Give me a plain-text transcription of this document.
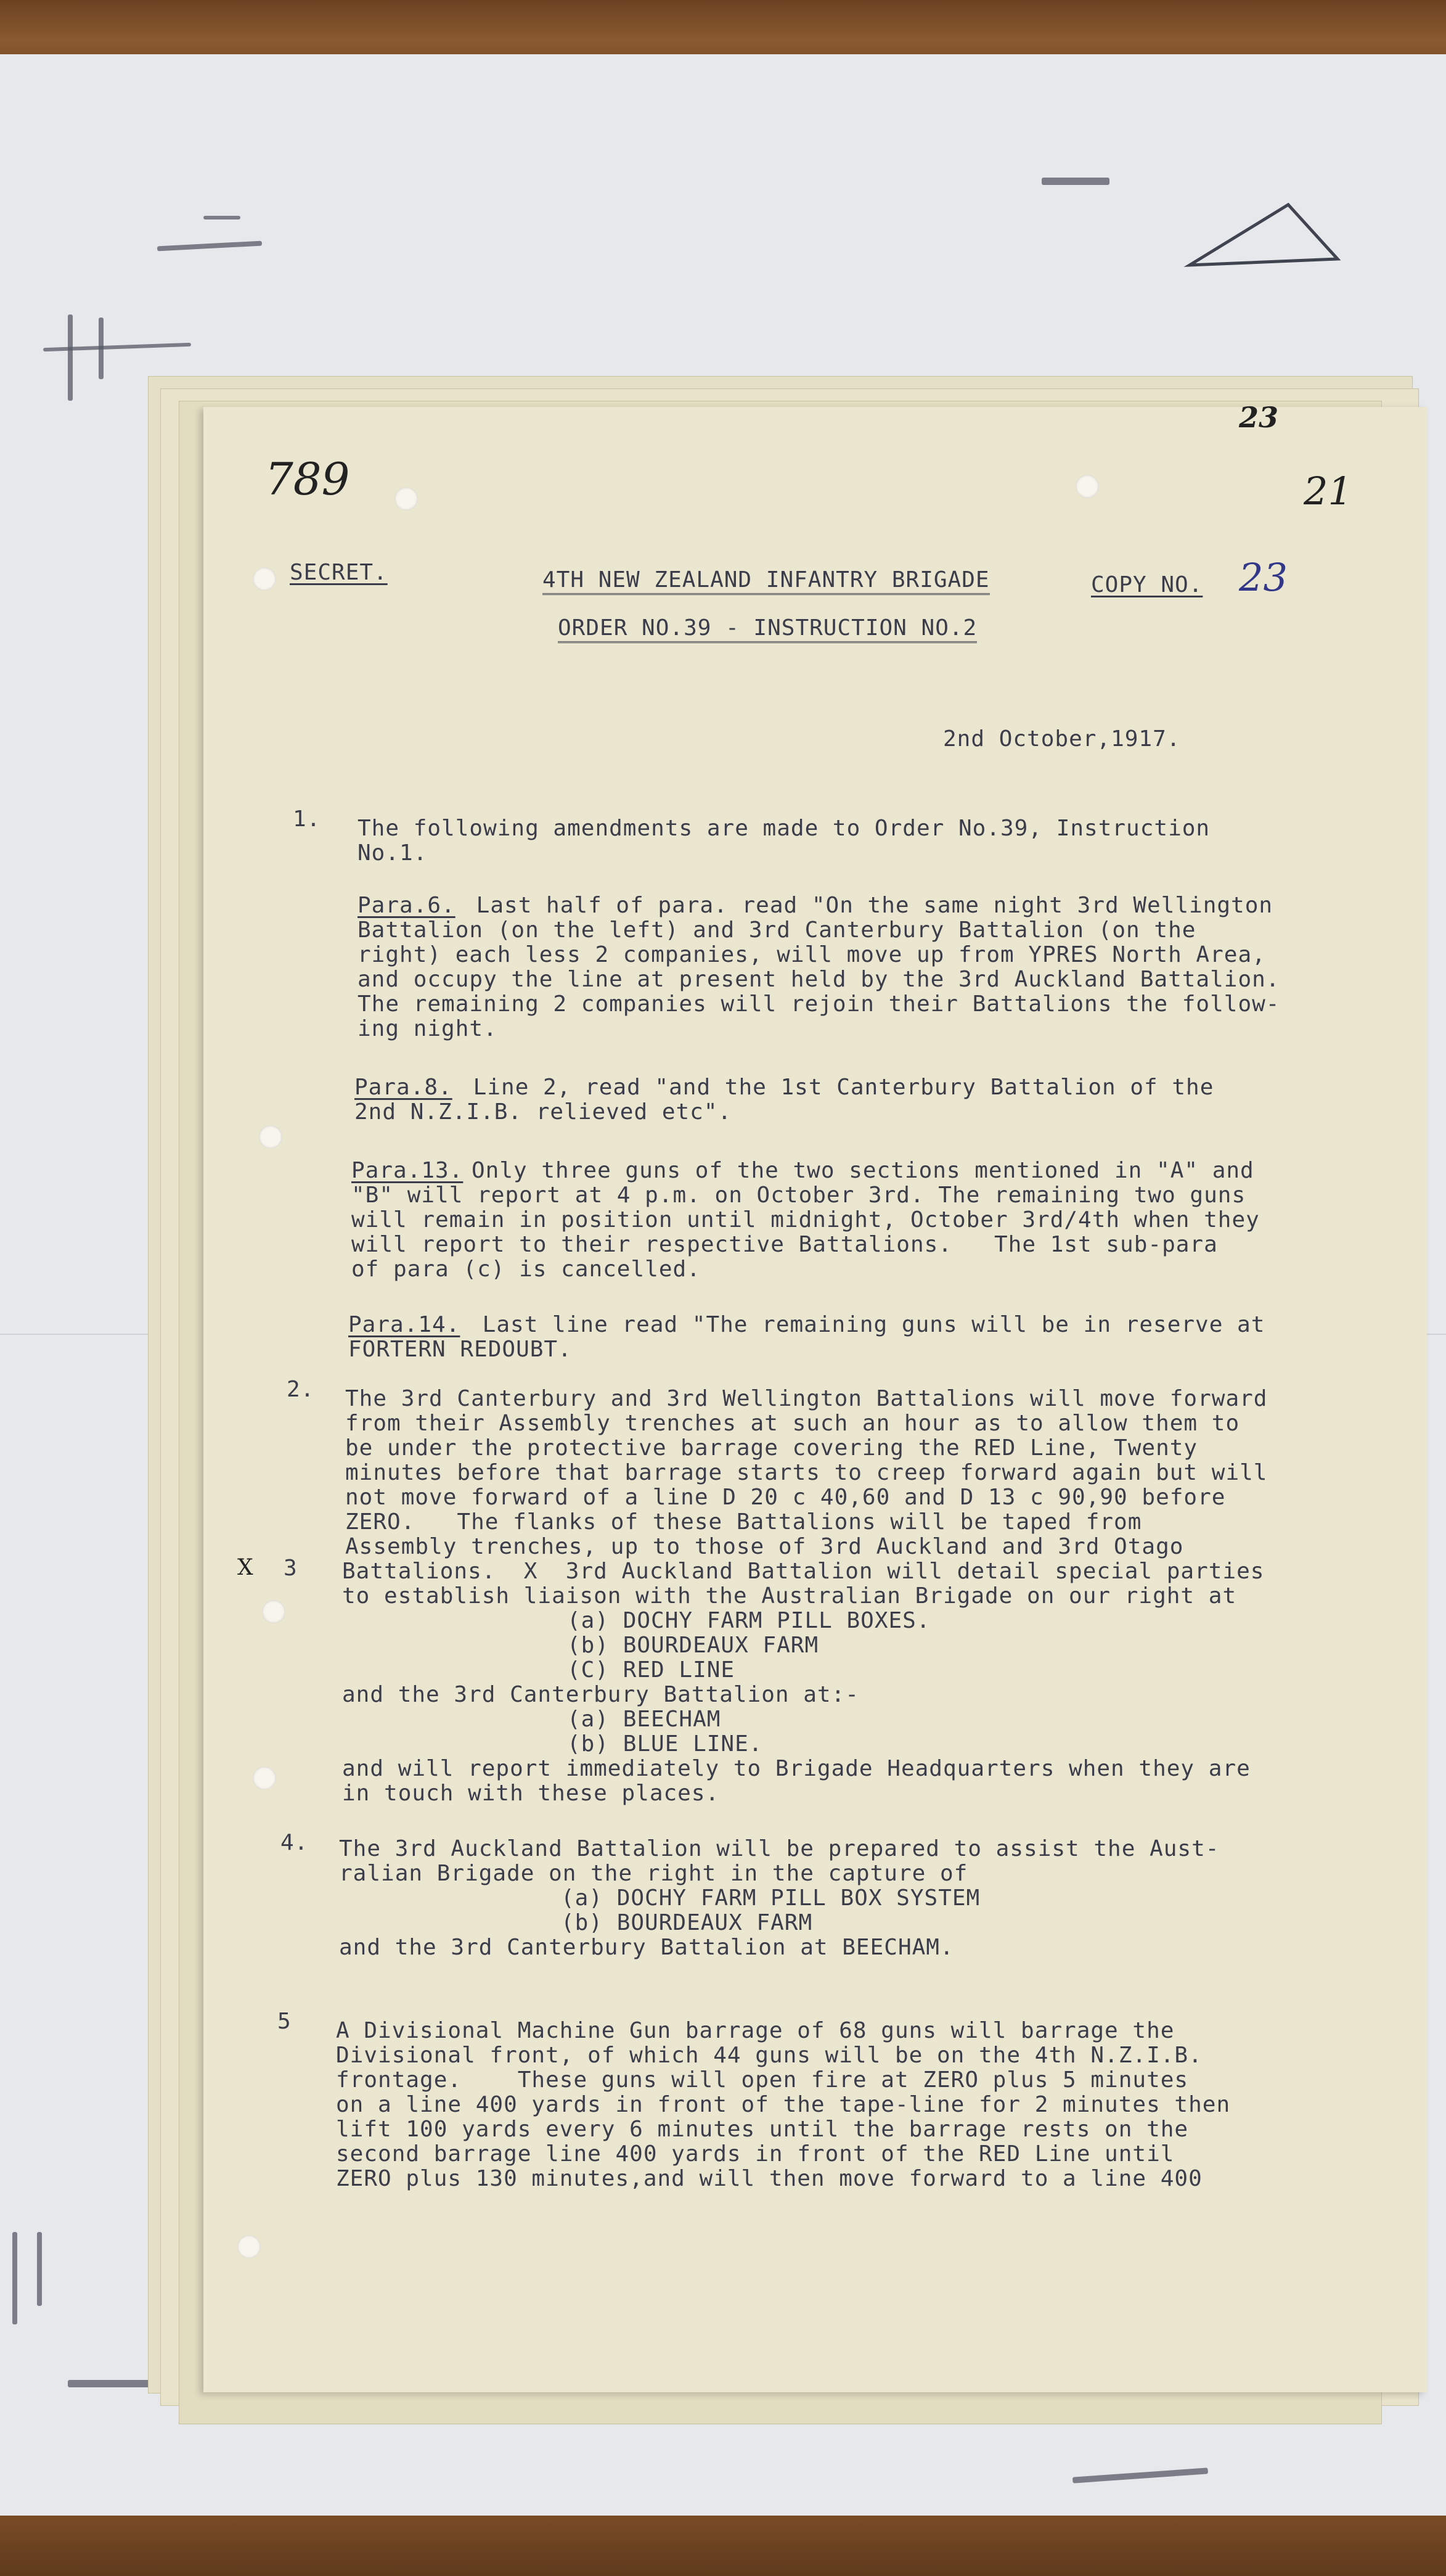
789	21
23
23
SECRET.	4TH NEW ZEALAND INFANTRY BRIGADE	COPY NO.
ORDER NO.39 - INSTRUCTION NO.2
2nd October,1917.
1. The following amendments are made to Order No.39, Instruction
No.1.
Para.6. Last half of para. read "On the same night 3rd Wellington
Battalion (on the left) and 3rd Canterbury Battalion (on the
right) each less 2 companies, will move up from YPRES North Area,
and occupy the line at present held by the 3rd Auckland Battalion.
The remaining 2 companies will rejoin their Battalions the follow-
ing night.
Para.8. Line 2, read "and the 1st Canterbury Battalion of the
2nd N.Z.I.B. relieved etc".
Para.13. Only three guns of the two sections mentioned in "A" and
"B" will report at 4 p.m. on October 3rd. The remaining two guns
will remain in position until midnight, October 3rd/4th when they
will report to their respective Battalions.   The 1st sub-para
of para (c) is cancelled.
Para.14. Last line read "The remaining guns will be in reserve at
FORTERN REDOUBT.
2. The 3rd Canterbury and 3rd Wellington Battalions will move forward
from their Assembly trenches at such an hour as to allow them to
be under the protective barrage covering the RED Line, Twenty
minutes before that barrage starts to creep forward again but will
not move forward of a line D 20 c 40,60 and D 13 c 90,90 before
ZERO.   The flanks of these Battalions will be taped from
Assembly trenches, up to those of 3rd Auckland and 3rd Otago
X 3 Battalions.  X  3rd Auckland Battalion will detail special parties
to establish liaison with the Australian Brigade on our right at
(a) DOCHY FARM PILL BOXES.
(b) BOURDEAUX FARM
(C) RED LINE
and the 3rd Canterbury Battalion at:-
(a) BEECHAM
(b) BLUE LINE.
and will report immediately to Brigade Headquarters when they are
in touch with these places.
4. The 3rd Auckland Battalion will be prepared to assist the Aust-
ralian Brigade on the right in the capture of
(a) DOCHY FARM PILL BOX SYSTEM
(b) BOURDEAUX FARM
and the 3rd Canterbury Battalion at BEECHAM.
5 A Divisional Machine Gun barrage of 68 guns will barrage the
Divisional front, of which 44 guns will be on the 4th N.Z.I.B.
frontage.    These guns will open fire at ZERO plus 5 minutes
on a line 400 yards in front of the tape-line for 2 minutes then
lift 100 yards every 6 minutes until the barrage rests on the
second barrage line 400 yards in front of the RED Line until
ZERO plus 130 minutes,and will then move forward to a line 400
